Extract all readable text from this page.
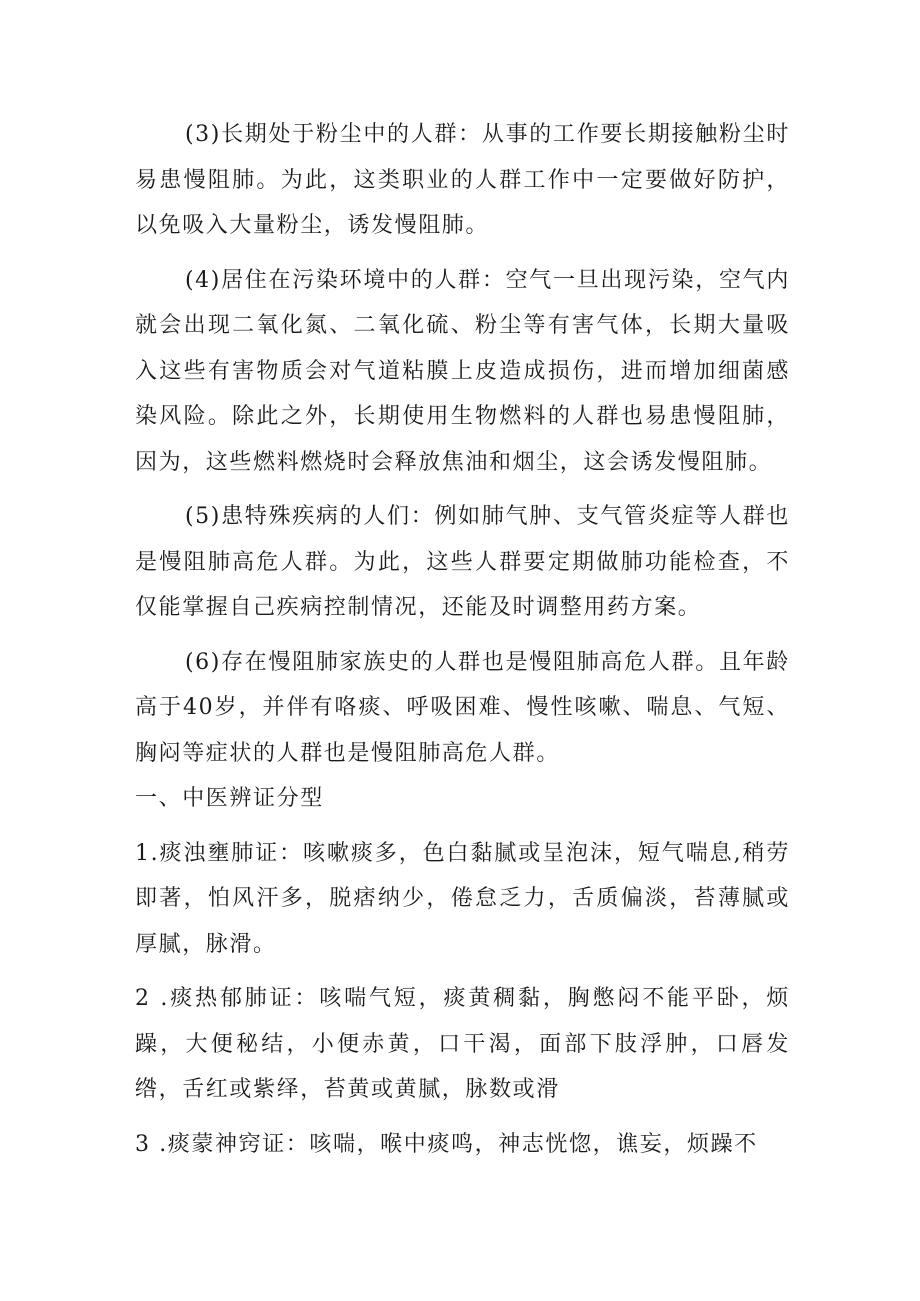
(3)长期处于粉尘中的人群：从事的工作要长期接触粉尘时易患慢阻肺。为此，这类职业的人群工作中一定要做好防护，以免吸入大量粉尘，诱发慢阻肺。

(4)居住在污染环境中的人群：空气一旦出现污染，空气内就会出现二氧化氮、二氧化硫、粉尘等有害气体，长期大量吸入这些有害物质会对气道粘膜上皮造成损伤，进而增加细菌感染风险。除此之外，长期使用生物燃料的人群也易患慢阻肺，因为，这些燃料燃烧时会释放焦油和烟尘，这会诱发慢阻肺。

(5)患特殊疾病的人们：例如肺气肿、支气管炎症等人群也是慢阻肺高危人群。为此，这些人群要定期做肺功能检查，不仅能掌握自己疾病控制情况，还能及时调整用药方案。

(6)存在慢阻肺家族史的人群也是慢阻肺高危人群。且年龄高于40岁，并伴有咯痰、呼吸困难、慢性咳嗽、喘息、气短、胸闷等症状的人群也是慢阻肺高危人群。

一、中医辨证分型

1.痰浊壅肺证：咳嗽痰多，色白黏腻或呈泡沫，短气喘息,稍劳即著，怕风汗多，脱痞纳少，倦怠乏力，舌质偏淡，苔薄腻或厚腻，脉滑。

2 .痰热郁肺证：咳喘气短，痰黄稠黏，胸憋闷不能平卧，烦躁，大便秘结，小便赤黄，口干渴，面部下肢浮肿，口唇发绺，舌红或紫绎，苔黄或黄腻，脉数或滑

3 .痰蒙神窍证：咳喘，喉中痰鸣，神志恍惚，谯妄，烦躁不
